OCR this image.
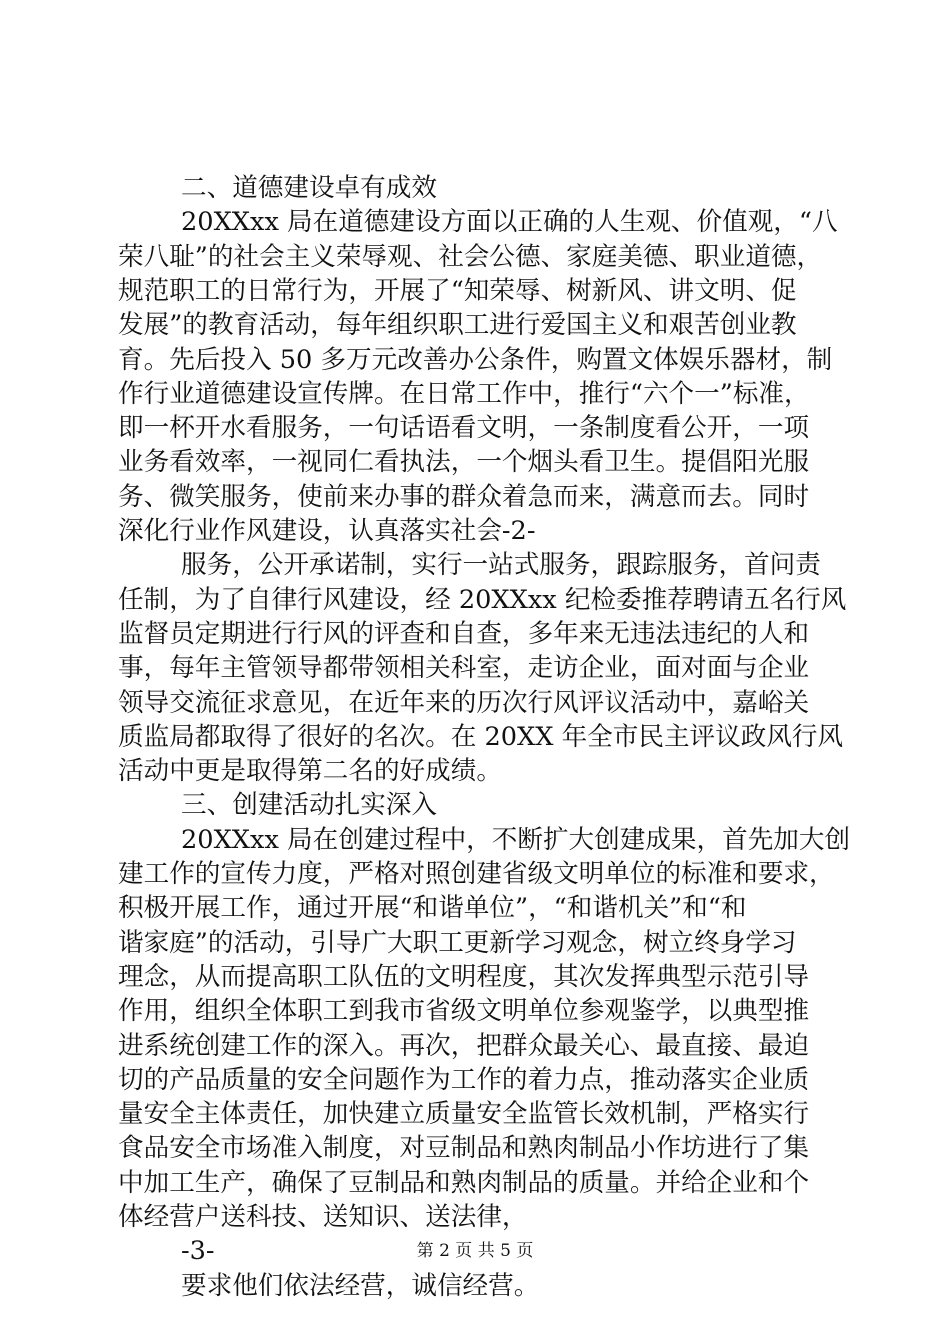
二、道德建设卓有成效
20XXxx 局在道德建设方面以正确的人生观、价值观，“八
荣八耻”的社会主义荣辱观、社会公德、家庭美德、职业道德，
规范职工的日常行为，开展了“知荣辱、树新风、讲文明、促
发展”的教育活动，每年组织职工进行爱国主义和艰苦创业教
育。先后投入 50 多万元改善办公条件，购置文体娱乐器材，制
作行业道德建设宣传牌。在日常工作中，推行“六个一”标准，
即一杯开水看服务，一句话语看文明，一条制度看公开，一项
业务看效率，一视同仁看执法，一个烟头看卫生。提倡阳光服
务、微笑服务，使前来办事的群众着急而来，满意而去。同时
深化行业作风建设，认真落实社会-2-
服务，公开承诺制，实行一站式服务，跟踪服务，首问责
任制，为了自律行风建设，经 20XXxx 纪检委推荐聘请五名行风
监督员定期进行行风的评查和自查，多年来无违法违纪的人和
事，每年主管领导都带领相关科室，走访企业，面对面与企业
领导交流征求意见，在近年来的历次行风评议活动中，嘉峪关
质监局都取得了很好的名次。在 20XX 年全市民主评议政风行风
活动中更是取得第二名的好成绩。
三、创建活动扎实深入
20XXxx 局在创建过程中，不断扩大创建成果，首先加大创
建工作的宣传力度，严格对照创建省级文明单位的标准和要求，
积极开展工作，通过开展“和谐单位”，“和谐机关”和“和
谐家庭”的活动，引导广大职工更新学习观念，树立终身学习
理念，从而提高职工队伍的文明程度，其次发挥典型示范引导
作用，组织全体职工到我市省级文明单位参观鉴学，以典型推
进系统创建工作的深入。再次，把群众最关心、最直接、最迫
切的产品质量的安全问题作为工作的着力点，推动落实企业质
量安全主体责任，加快建立质量安全监管长效机制，严格实行
食品安全市场准入制度，对豆制品和熟肉制品小作坊进行了集
中加工生产，确保了豆制品和熟肉制品的质量。并给企业和个
体经营户送科技、送知识、送法律，
-3-
要求他们依法经营，诚信经营。
第 2 页 共 5 页
